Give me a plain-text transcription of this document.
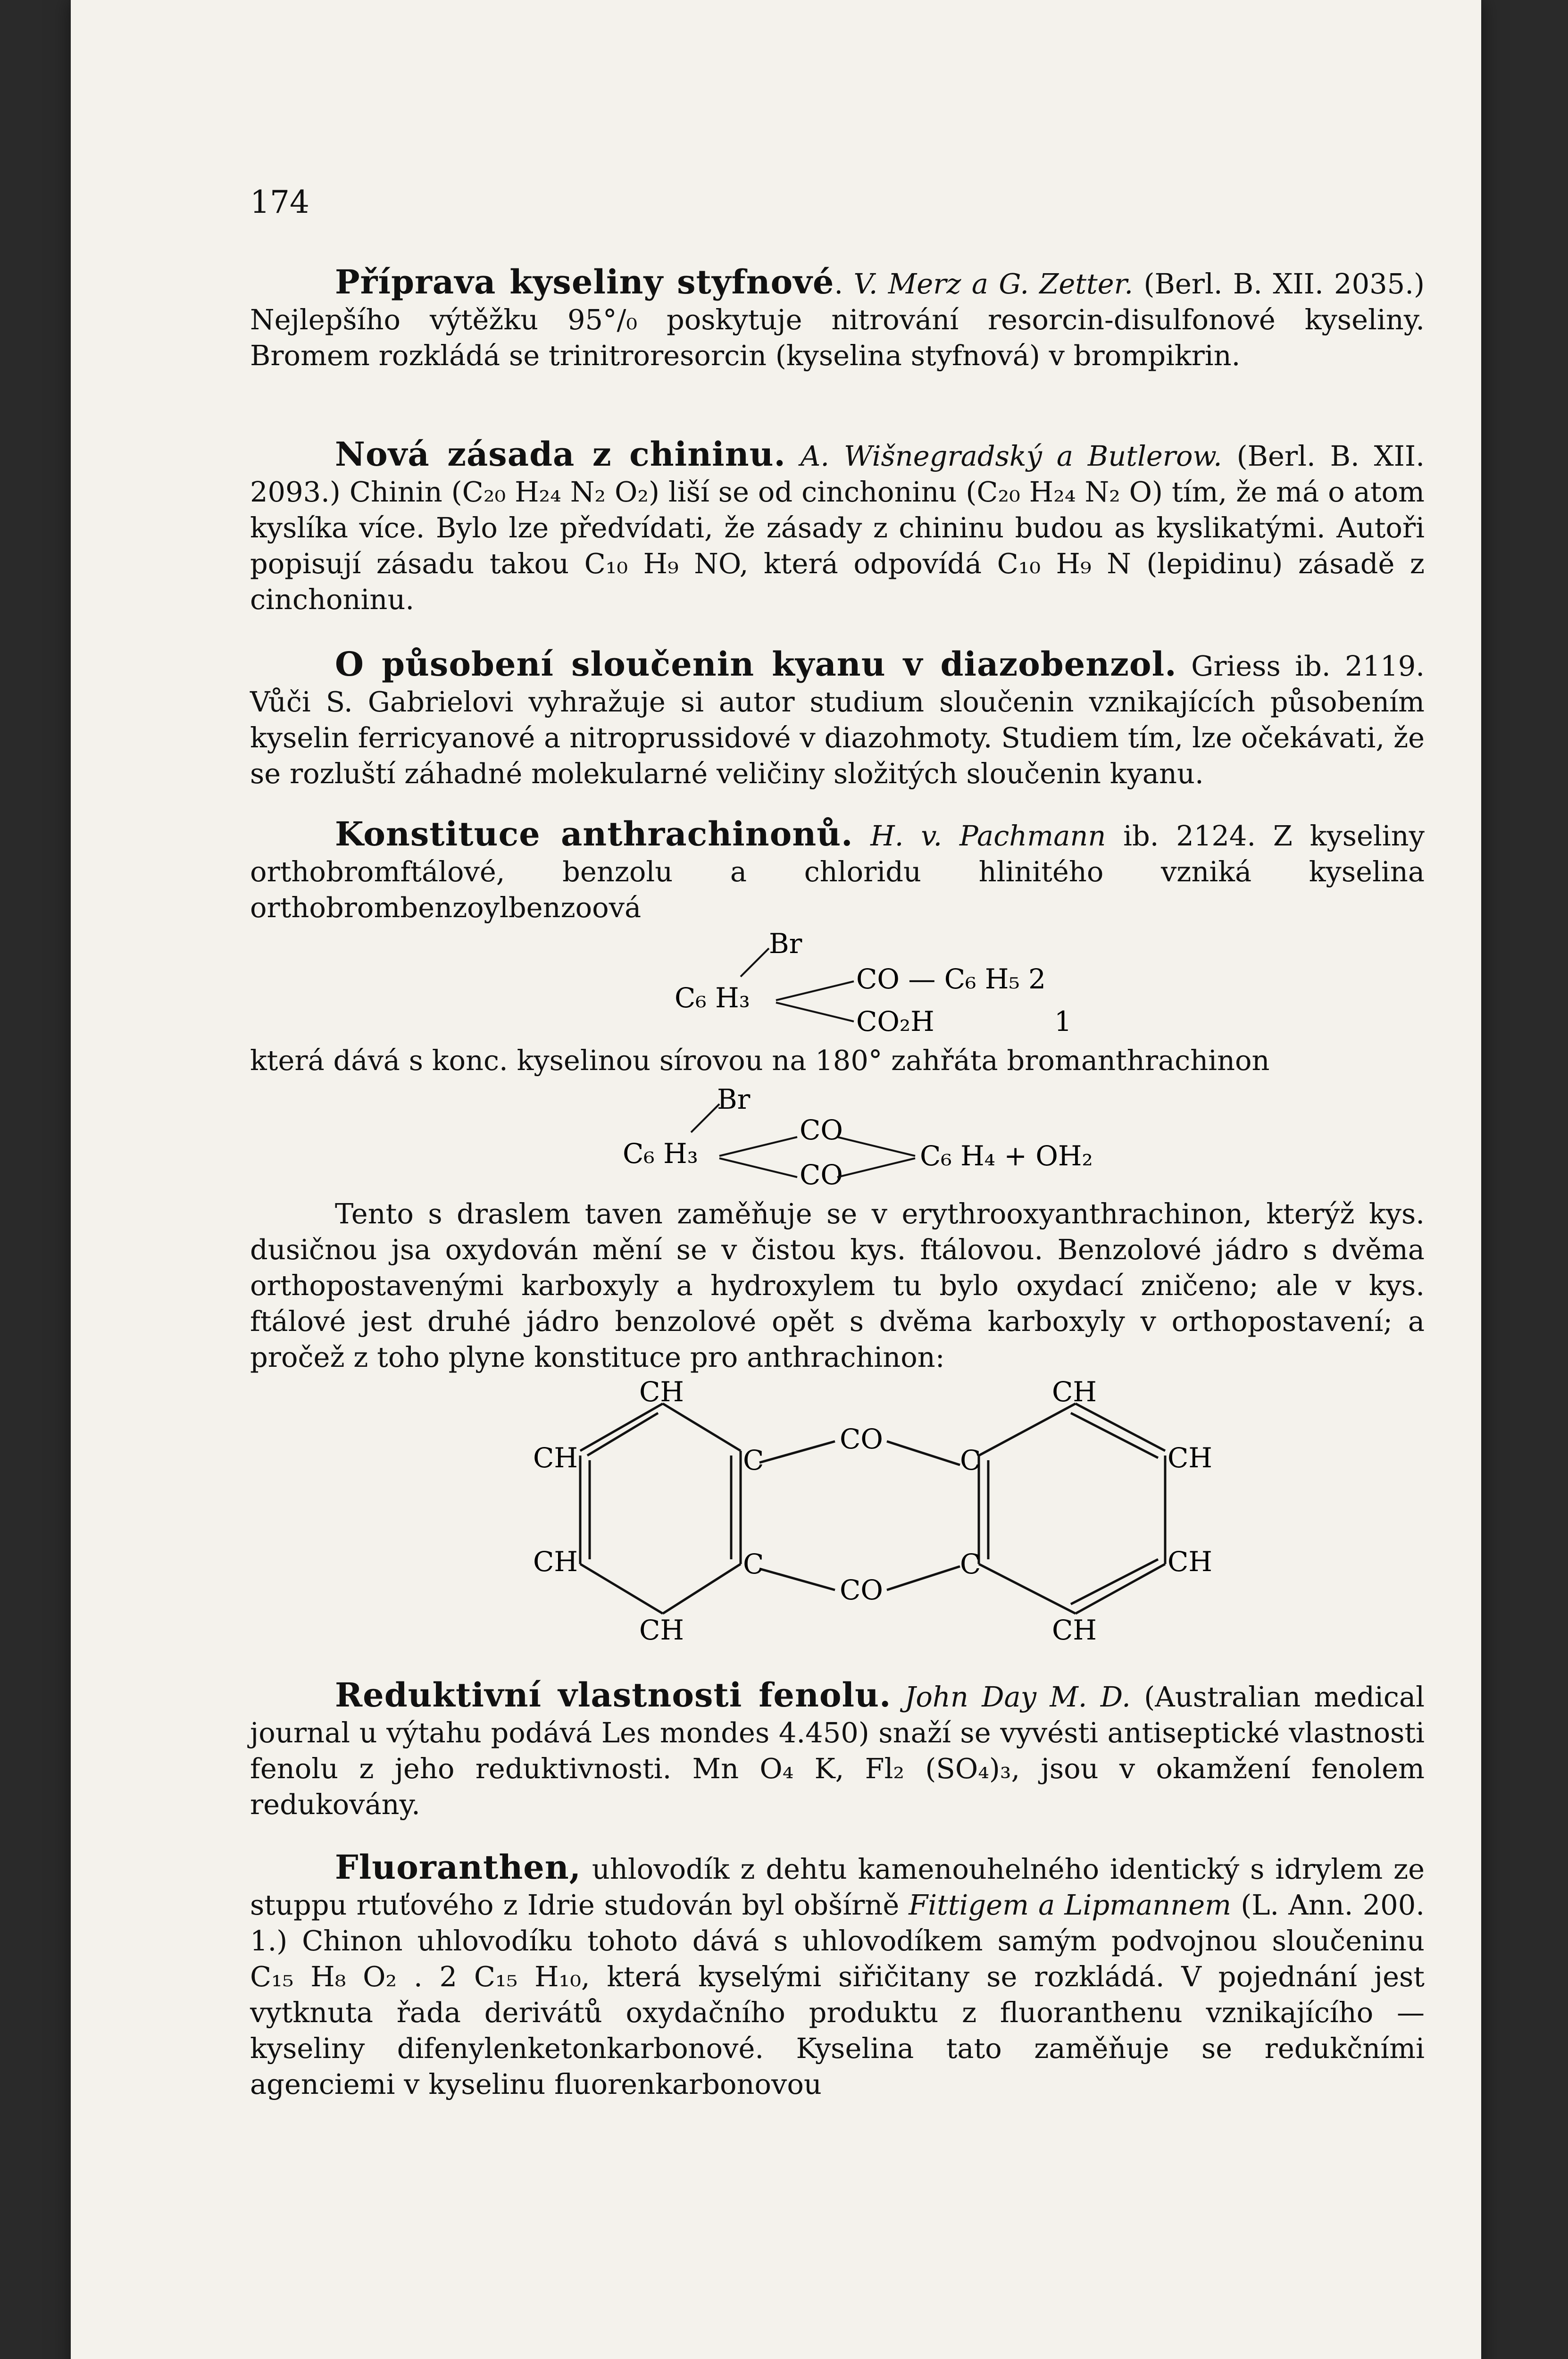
174

Příprava kyseliny styfnové. V. Merz a G. Zetter. (Berl. B. XII. 2035.) Nejlepšího výtěžku 95°/₀ poskytuje nitrování resorcin-disulfonové kyseliny. Bromem rozkládá se trinitroresorcin (kyselina styfnová) v brompikrin.

Nová zásada z chininu. A. Wišnegradský a Butlerow. (Berl. B. XII. 2093.) Chinin (C₂₀ H₂₄ N₂ O₂) liší se od cinchoninu (C₂₀ H₂₄ N₂ O) tím, že má o atom kyslíka více. Bylo lze předvídati, že zásady z chininu budou as kyslikatými. Autoři popisují zásadu takou C₁₀ H₉ NO, která odpovídá C₁₀ H₉ N (lepidinu) zásadě z cinchoninu.

O působení sloučenin kyanu v diazobenzol. Griess ib. 2119. Vůči S. Gabrielovi vyhražuje si autor studium sloučenin vznikajících působením kyselin ferricyanové a nitroprussidové v diazohmoty. Studiem tím, lze očekávati, že se rozluští záhadné molekularné veličiny složitých sloučenin kyanu.

Konstituce anthrachinonů. H. v. Pachmann ib. 2124. Z kyseliny orthobromftálové, benzolu a chloridu hlinitého vzniká kyselina orthobrombenzoylbenzoová

Br
C₆ H₃
CO — C₆ H₅ 2
CO₂H	1
která dává s konc. kyselinou sírovou na 180° zahřáta bromanthrachinon
Br
C₆ H₃
CO
CO
C₆ H₄ + OH₂

Tento s draslem taven zaměňuje se v erythrooxyanthrachinon, kterýž kys. dusičnou jsa oxydován mění se v čistou kys. ftálovou. Benzolové jádro s dvěma orthopostavenými karboxyly a hydroxylem tu bylo oxydací zničeno; ale v kys. ftálové jest druhé jádro benzolové opět s dvěma karboxyly v orthopostavení; a pročež z toho plyne konstituce pro anthrachinon:

CH
CH
CH
CH
C
C
CO
CO
C
C
CH
CH
CH
CH

Reduktivní vlastnosti fenolu. John Day M. D. (Australian medical journal u výtahu podává Les mondes 4.450) snaží se vyvésti antiseptické vlastnosti fenolu z jeho reduktivnosti. Mn O₄ K, Fl₂ (SO₄)₃, jsou v okamžení fenolem redukovány.

Fluoranthen, uhlovodík z dehtu kamenouhelného identický s idrylem ze stuppu rtuťového z Idrie studován byl obšírně Fittigem a Lipmannem (L. Ann. 200. 1.) Chinon uhlovodíku tohoto dává s uhlovodíkem samým podvojnou sloučeninu C₁₅ H₈ O₂ . 2 C₁₅ H₁₀, která kyselými siřičitany se rozkládá. V pojednání jest vytknuta řada derivátů oxydačního produktu z fluoranthenu vznikajícího — kyseliny difenylenketonkarbonové. Kyselina tato zaměňuje se redukčními agenciemi v kyselinu fluorenkarbonovou
